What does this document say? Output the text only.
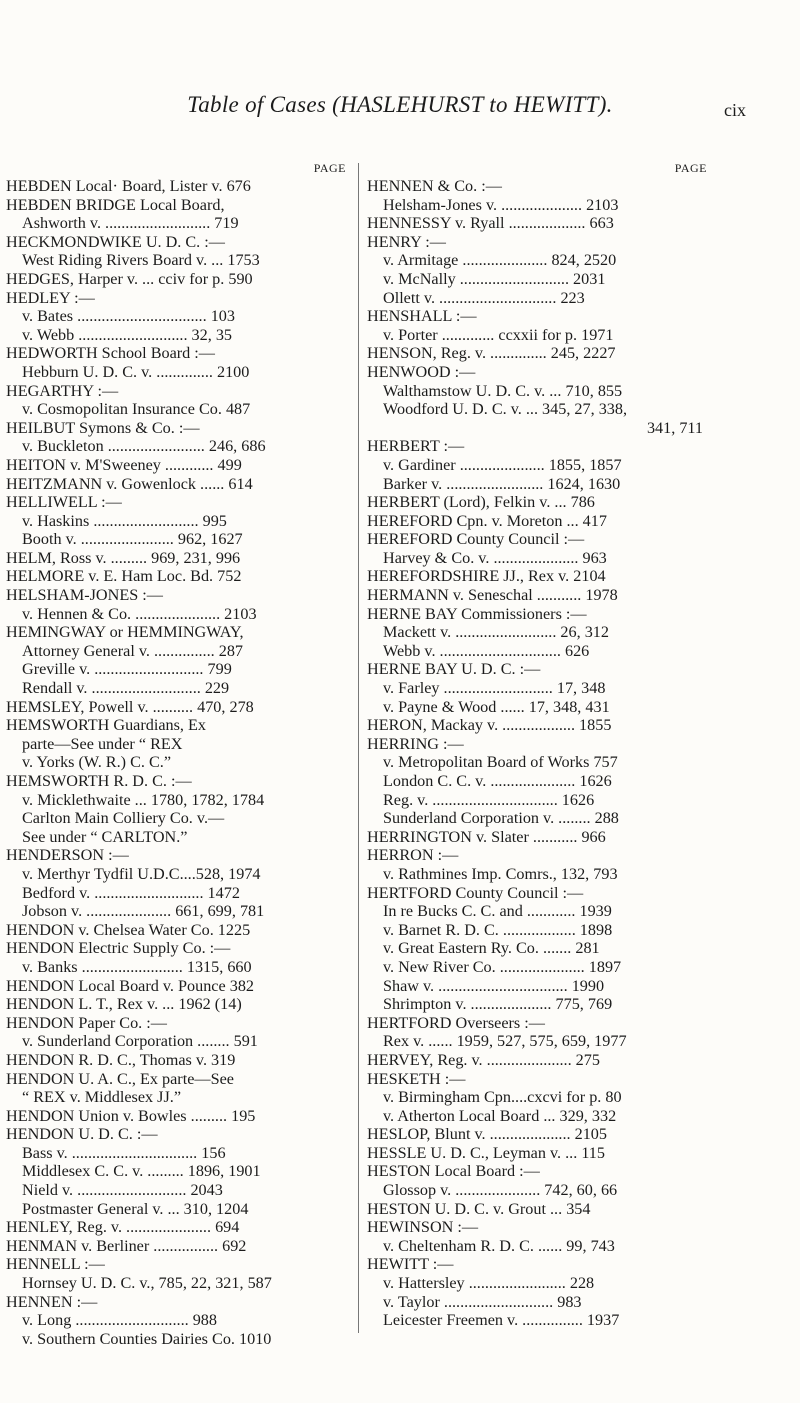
Table of Cases (HASLEHURST to HEWITT).	cix
PAGE
HEBDEN Local· Board, Lister v. 676
HEBDEN BRIDGE Local Board,
Ashworth v. .......................... 719
HECKMONDWIKE U. D. C. :—
West Riding Rivers Board v. ... 1753
HEDGES, Harper v. ... cciv for p. 590
HEDLEY :—
v. Bates ................................ 103
v. Webb ........................... 32, 35
HEDWORTH School Board :—
Hebburn U. D. C. v. .............. 2100
HEGARTHY :—
v. Cosmopolitan Insurance Co. 487
HEILBUT Symons & Co. :—
v. Buckleton ........................ 246, 686
HEITON v. M'Sweeney ............ 499
HEITZMANN v. Gowenlock ...... 614
HELLIWELL :—
v. Haskins .......................... 995
Booth v. ....................... 962, 1627
HELM, Ross v. ......... 969, 231, 996
HELMORE v. E. Ham Loc. Bd. 752
HELSHAM-JONES :—
v. Hennen & Co. ..................... 2103
HEMINGWAY or HEMMINGWAY,
Attorney General v. ............... 287
Greville v. ........................... 799
Rendall v. ........................... 229
HEMSLEY, Powell v. .......... 470, 278
HEMSWORTH Guardians, Ex
parte—See under “ REX
v. Yorks (W. R.) C. C.”
HEMSWORTH R. D. C. :—
v. Micklethwaite ... 1780, 1782, 1784
Carlton Main Colliery Co. v.—
See under “ CARLTON.”
HENDERSON :—
v. Merthyr Tydfil U.D.C....528, 1974
Bedford v. ........................... 1472
Jobson v. ..................... 661, 699, 781
HENDON v. Chelsea Water Co. 1225
HENDON Electric Supply Co. :—
v. Banks ......................... 1315, 660
HENDON Local Board v. Pounce 382
HENDON L. T., Rex v. ... 1962 (14)
HENDON Paper Co. :—
v. Sunderland Corporation ........ 591
HENDON R. D. C., Thomas v. 319
HENDON U. A. C., Ex parte—See
“ REX v. Middlesex JJ.”
HENDON Union v. Bowles ......... 195
HENDON U. D. C. :—
Bass v. ............................... 156
Middlesex C. C. v. ......... 1896, 1901
Nield v. ........................... 2043
Postmaster General v. ... 310, 1204
HENLEY, Reg. v. ..................... 694
HENMAN v. Berliner ................ 692
HENNELL :—
Hornsey U. D. C. v., 785, 22, 321, 587
HENNEN :—
v. Long ............................ 988
v. Southern Counties Dairies Co. 1010
PAGE
HENNEN & Co. :—
Helsham-Jones v. .................... 2103
HENNESSY v. Ryall ................... 663
HENRY :—
v. Armitage ..................... 824, 2520
v. McNally ........................... 2031
Ollett v. ............................. 223
HENSHALL :—
v. Porter ............. ccxxii for p. 1971
HENSON, Reg. v. .............. 245, 2227
HENWOOD :—
Walthamstow U. D. C. v. ... 710, 855
Woodford U. D. C. v. ... 345, 27, 338,
341, 711
HERBERT :—
v. Gardiner ..................... 1855, 1857
Barker v. ........................ 1624, 1630
HERBERT (Lord), Felkin v. ... 786
HEREFORD Cpn. v. Moreton ... 417
HEREFORD County Council :—
Harvey & Co. v. ..................... 963
HEREFORDSHIRE JJ., Rex v. 2104
HERMANN v. Seneschal ........... 1978
HERNE BAY Commissioners :—
Mackett v. ......................... 26, 312
Webb v. .............................. 626
HERNE BAY U. D. C. :—
v. Farley ........................... 17, 348
v. Payne & Wood ...... 17, 348, 431
HERON, Mackay v. .................. 1855
HERRING :—
v. Metropolitan Board of Works 757
London C. C. v. ..................... 1626
Reg. v. ............................... 1626
Sunderland Corporation v. ........ 288
HERRINGTON v. Slater ........... 966
HERRON :—
v. Rathmines Imp. Comrs., 132, 793
HERTFORD County Council :—
In re Bucks C. C. and ............ 1939
v. Barnet R. D. C. .................. 1898
v. Great Eastern Ry. Co. ....... 281
v. New River Co. ..................... 1897
Shaw v. ................................ 1990
Shrimpton v. .................... 775, 769
HERTFORD Overseers :—
Rex v. ...... 1959, 527, 575, 659, 1977
HERVEY, Reg. v. ..................... 275
HESKETH :—
v. Birmingham Cpn....cxcvi for p. 80
v. Atherton Local Board ... 329, 332
HESLOP, Blunt v. .................... 2105
HESSLE U. D. C., Leyman v. ... 115
HESTON Local Board :—
Glossop v. ..................... 742, 60, 66
HESTON U. D. C. v. Grout ... 354
HEWINSON :—
v. Cheltenham R. D. C. ...... 99, 743
HEWITT :—
v. Hattersley ........................ 228
v. Taylor ........................... 983
Leicester Freemen v. ............... 1937
